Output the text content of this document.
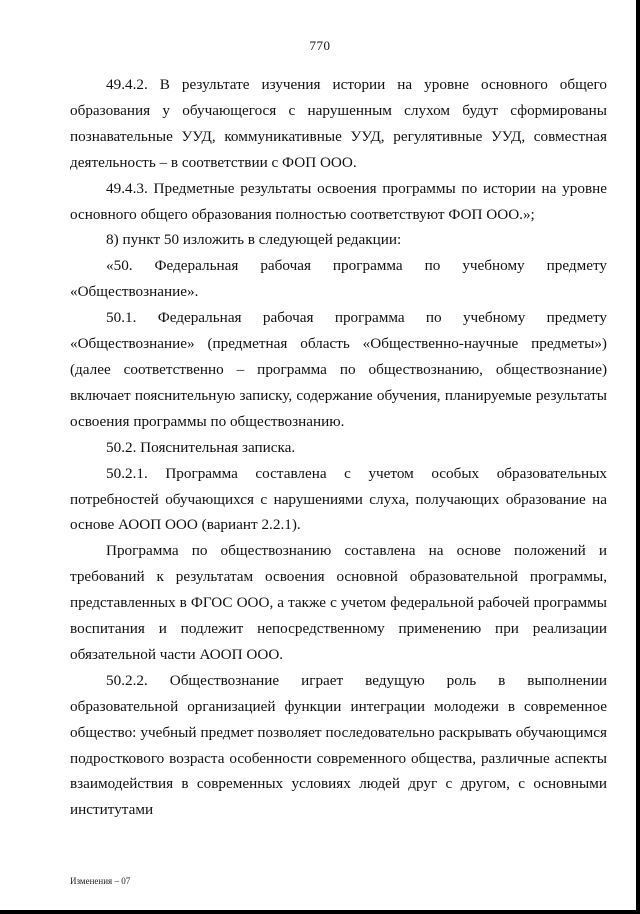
770

49.4.2. В результате изучения истории на уровне основного общего образования у обучающегося с нарушенным слухом будут сформированы познавательные УУД, коммуникативные УУД, регулятивные УУД, совместная деятельность – в соответствии с ФОП ООО.

49.4.3. Предметные результаты освоения программы по истории на уровне основного общего образования полностью соответствуют ФОП ООО.»;

8) пункт 50 изложить в следующей редакции:

«50. Федеральная рабочая программа по учебному предмету «Обществознание».

50.1. Федеральная рабочая программа по учебному предмету «Обществознание» (предметная область «Общественно-научные предметы») (далее соответственно – программа по обществознанию, обществознание) включает пояснительную записку, содержание обучения, планируемые результаты освоения программы по обществознанию.

50.2. Пояснительная записка.

50.2.1. Программа составлена с учетом особых образовательных потребностей обучающихся с нарушениями слуха, получающих образование на основе АООП ООО (вариант 2.2.1).

Программа по обществознанию составлена на основе положений и требований к результатам освоения основной образовательной программы, представленных в ФГОС ООО, а также с учетом федеральной рабочей программы воспитания и подлежит непосредственному применению при реализации обязательной части АООП ООО.

50.2.2. Обществознание играет ведущую роль в выполнении образовательной организацией функции интеграции молодежи в современное общество: учебный предмет позволяет последовательно раскрывать обучающимся подросткового возраста особенности современного общества, различные аспекты взаимодействия в современных условиях людей друг с другом, с основными институтами

Изменения – 07
